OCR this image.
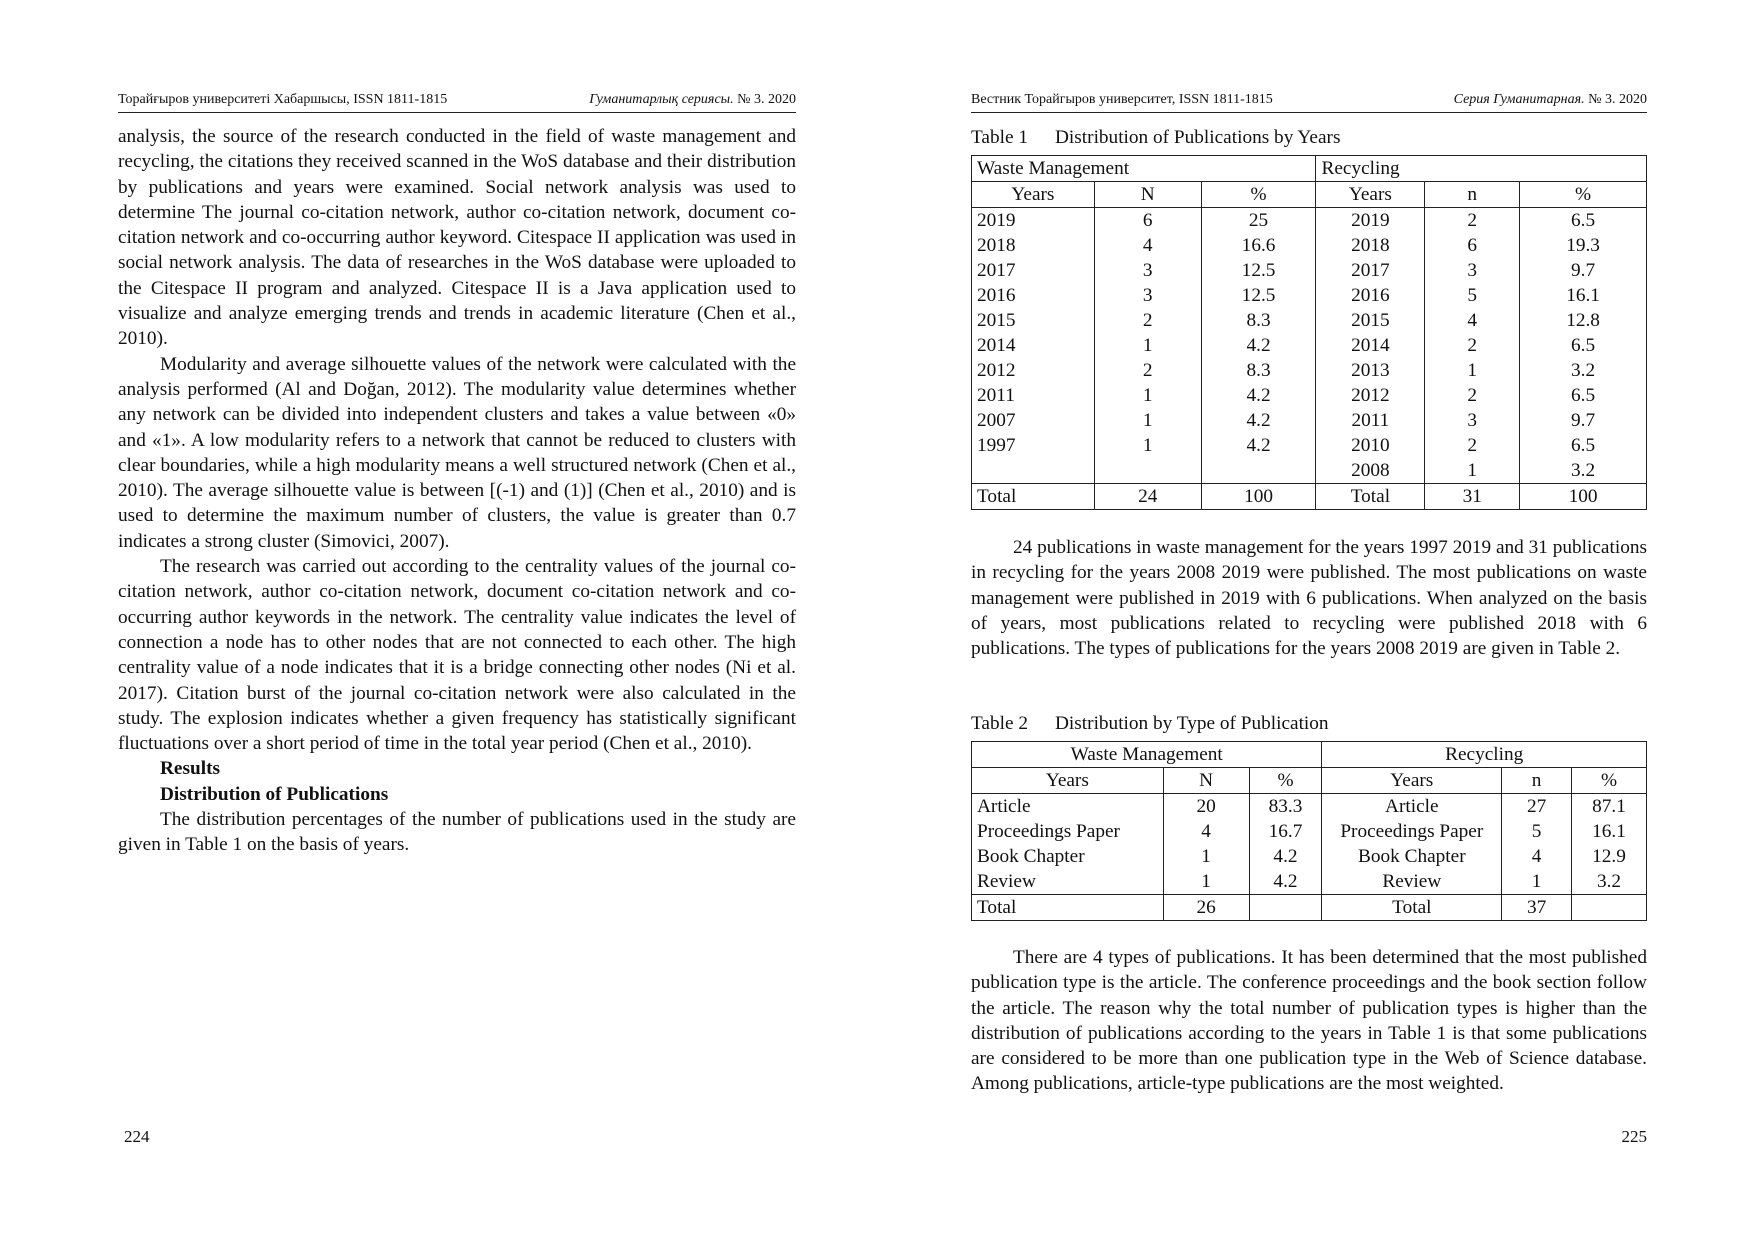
Торайғыров университеті Хабаршысы, ISSN 1811-1815	Гуманитарлық сериясы. № 3. 2020

analysis, the source of the research conducted in the field of waste management and recycling, the citations they received scanned in the WoS database and their distribution by publications and years were examined. Social network analysis was used to determine The journal co-citation network, author co-citation network, document co-citation network and co-occurring author keyword. Citespace II application was used in social network analysis. The data of researches in the WoS database were uploaded to the Citespace II program and analyzed. Citespace II is a Java application used to visualize and analyze emerging trends and trends in academic literature (Chen et al., 2010).

Modularity and average silhouette values of the network were calculated with the analysis performed (Al and Doğan, 2012). The modularity value determines whether any network can be divided into independent clusters and takes a value between «0» and «1». A low modularity refers to a network that cannot be reduced to clusters with clear boundaries, while a high modularity means a well structured network (Chen et al., 2010). The average silhouette value is between [(-1) and (1)] (Chen et al., 2010) and is used to determine the maximum number of clusters, the value is greater than 0.7 indicates a strong cluster (Simovici, 2007).

The research was carried out according to the centrality values of the journal co-citation network, author co-citation network, document co-citation network and co-occurring author keywords in the network. The centrality value indicates the level of connection a node has to other nodes that are not connected to each other. The high centrality value of a node indicates that it is a bridge connecting other nodes (Ni et al. 2017). Citation burst of the journal co-citation network were also calculated in the study. The explosion indicates whether a given frequency has statistically significant fluctuations over a short period of time in the total year period (Chen et al., 2010).

Results

Distribution of Publications

The distribution percentages of the number of publications used in the study are given in Table 1 on the basis of years.

224
Вестник Торайгыров университет, ISSN 1811-1815	Серия Гуманитарная. № 3. 2020
Table 1 Distribution of Publications by Years
Waste Management			Recycling		
Years	N	%	Years	n	%
2019	6	25	2019	2	6.5
2018	4	16.6	2018	6	19.3
2017	3	12.5	2017	3	9.7
2016	3	12.5	2016	5	16.1
2015	2	8.3	2015	4	12.8
2014	1	4.2	2014	2	6.5
2012	2	8.3	2013	1	3.2
2011	1	4.2	2012	2	6.5
2007	1	4.2	2011	3	9.7
1997	1	4.2	2010	2	6.5
			2008	1	3.2
Total	24	100	Total	31	100

24 publications in waste management for the years 1997 2019 and 31 publications in recycling for the years 2008 2019 were published. The most publications on waste management were published in 2019 with 6 publications. When analyzed on the basis of years, most publications related to recycling were published 2018 with 6 publications. The types of publications for the years 2008 2019 are given in Table 2.

Table 2 Distribution by Type of Publication
Waste Management			Recycling		
Years	N	%	Years	n	%
Article	20	83.3	Article	27	87.1
Proceedings Paper	4	16.7	Proceedings Paper	5	16.1
Book Chapter	1	4.2	Book Chapter	4	12.9
Review	1	4.2	Review	1	3.2
Total	26		Total	37	

There are 4 types of publications. It has been determined that the most published publication type is the article. The conference proceedings and the book section follow the article. The reason why the total number of publication types is higher than the distribution of publications according to the years in Table 1 is that some publications are considered to be more than one publication type in the Web of Science database. Among publications, article-type publications are the most weighted.

225
